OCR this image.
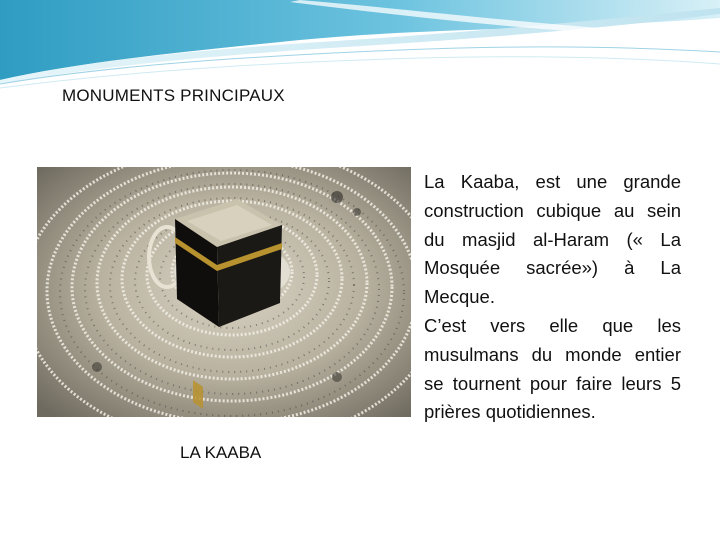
MONUMENTS PRINCIPAUX
LA KAABA

La Kaaba, est une grande construction cubique au sein du masjid al-Haram (« La Mosquée sacrée») à La Mecque.

C’est vers elle que les musulmans du monde entier se tournent pour faire leurs 5 prières quotidiennes.
